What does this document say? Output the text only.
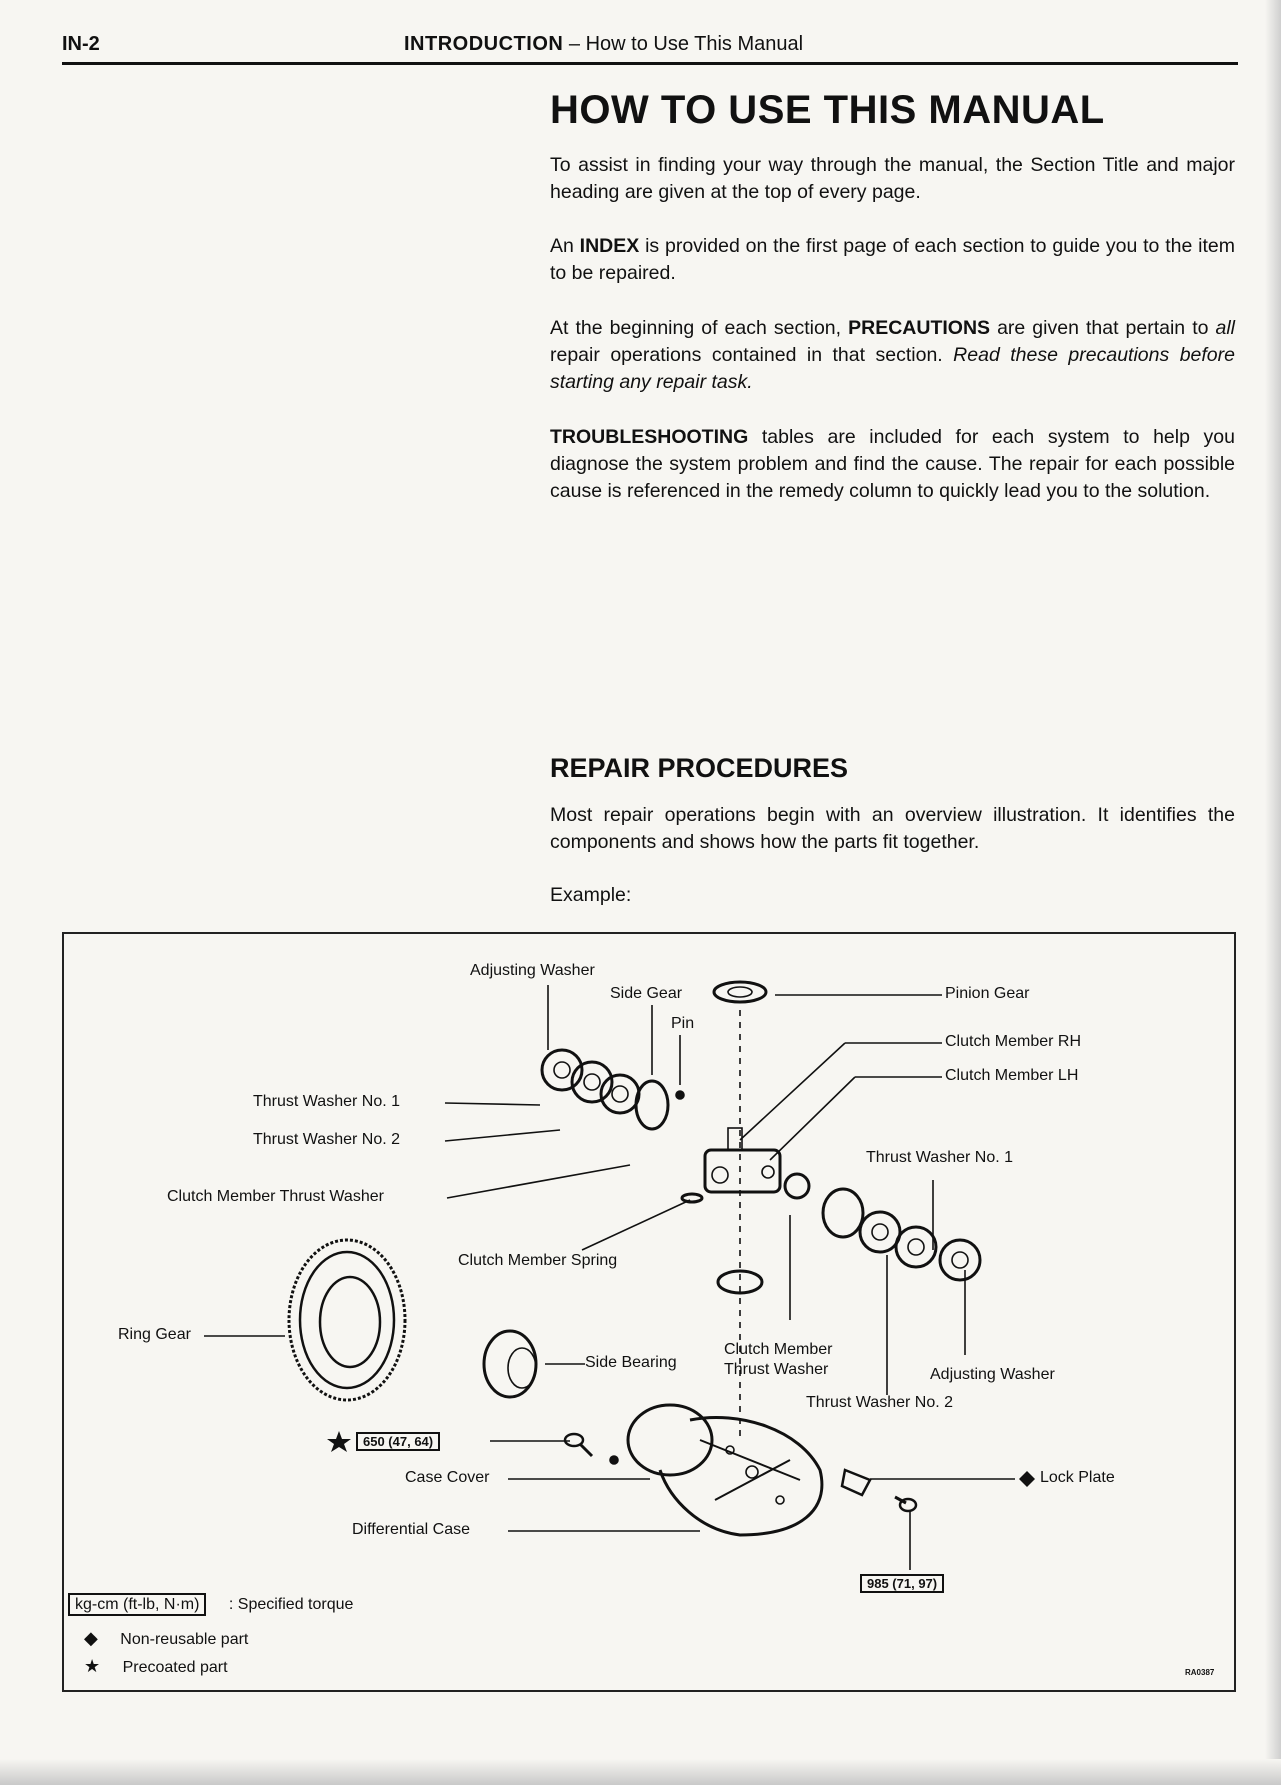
IN-2	INTRODUCTION – How to Use This Manual
HOW TO USE THIS MANUAL

To assist in finding your way through the manual, the Section Title and major heading are given at the top of every page.

An INDEX is provided on the first page of each section to guide you to the item to be repaired.

At the beginning of each section, PRECAUTIONS are given that pertain to all repair operations contained in that section. Read these precautions before starting any repair task.

TROUBLESHOOTING tables are included for each system to help you diagnose the system problem and find the cause. The repair for each possible cause is referenced in the remedy column to quickly lead you to the solution.

REPAIR PROCEDURES

Most repair operations begin with an overview illustration. It identifies the components and shows how the parts fit together.

Example:

Adjusting Washer
Side Gear
Pin
Pinion Gear
Clutch Member RH
Clutch Member LH
Thrust Washer No. 1
Thrust Washer No. 2
Clutch Member Thrust Washer
Thrust Washer No. 1
Clutch Member Spring
Ring Gear
Side Bearing
Clutch Member Thrust Washer	Adjusting Washer
Thrust Washer No. 2
650 (47, 64)
Case Cover	Lock Plate
Differential Case
985 (71, 97)
kg-cm (ft-lb, N·m) : Specified torque
◆ Non-reusable part
★ Precoated part	RA0387
